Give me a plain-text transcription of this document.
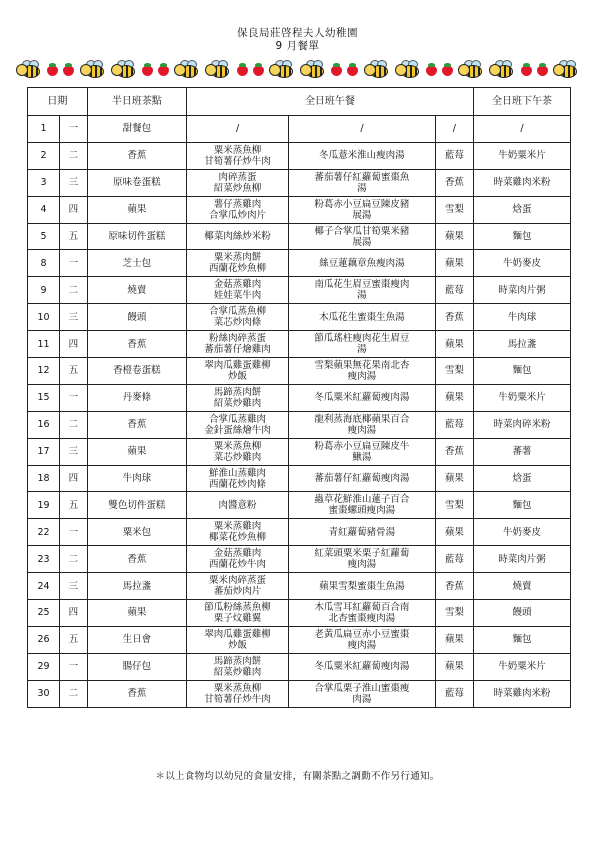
保良局莊啓程夫人幼稚園
9 月餐單
日期		半日班茶點	全日班午餐			全日班下午茶
1	一	甜餐包	/	/	/	/
2	二	香蕉	粟米蒸魚柳
甘筍薯仔炒牛肉	冬瓜薏米淮山瘦肉湯	藍莓	牛奶粟米片
3	三	原味卷蛋糕	肉碎蒸蛋
紹菜炒魚柳	蕃茄薯仔紅蘿蔔蜜棗魚
湯	香蕉	時菜雞肉米粉
4	四	蘋果	薯仔蒸雞肉
合掌瓜炒肉片	粉葛赤小豆扁豆陳皮豬
展湯	雪梨	焓蛋
5	五	原味切件蛋糕	椰菜肉絲炒米粉	椰子合掌瓜甘筍粟米豬
展湯	蘋果	麵包
8	一	芝士包	粟米蒸肉餅
西蘭花炒魚柳	絲豆蓮藕章魚瘦肉湯	蘋果	牛奶麥皮
9	二	燒賣	金菇蒸雞肉
娃娃菜牛肉	南瓜花生眉豆蜜棗瘦肉
湯	藍莓	時菜肉片粥
10	三	饅頭	合掌瓜蒸魚柳
菜芯炒肉條	木瓜花生蜜棗生魚湯	香蕉	牛肉球
11	四	香蕉	粉絲肉碎蒸蛋
蕃茄薯仔燴雞肉	節瓜瑤柱瘦肉花生眉豆
湯	蘋果	馬拉盞
12	五	香橙卷蛋糕	翠肉瓜雞蛋雞柳
炒飯	雪梨蘋果無花果南北杏
瘦肉湯	雪梨	麵包
15	一	丹麥條	馬蹄蒸肉餅
紹菜炒雞肉	冬瓜粟米紅蘿蔔瘦肉湯	蘋果	牛奶粟米片
16	二	香蕉	合掌瓜蒸雞肉
金針蛋絲燴牛肉	龍利蒸海底椰蘋果百合
瘦肉湯	藍莓	時菜肉碎米粉
17	三	蘋果	粟米蒸魚柳
菜芯炒雞肉	粉葛赤小豆扁豆陳皮牛
鰍湯	香蕉	蕃薯
18	四	牛肉球	鮮淮山蒸雞肉
西蘭花炒肉條	蕃茄薯仔紅蘿蔔瘦肉湯	蘋果	焓蛋
19	五	雙色切件蛋糕	肉醬意粉	蟲草花鮮淮山蓮子百合
蜜棗螺頭瘦肉湯	雪梨	麵包
22	一	粟米包	粟米蒸雞肉
椰菜花炒魚柳	青紅蘿蔔豬骨湯	蘋果	牛奶麥皮
23	二	香蕉	金菇蒸雞肉
西蘭花炒牛肉	紅菜頭粟米栗子紅蘿蔔
瘦肉湯	藍莓	時菜肉片粥
24	三	馬拉盞	粟米肉碎蒸蛋
蕃茄炒肉片	蘋果雪梨蜜棗生魚湯	香蕉	燒賣
25	四	蘋果	節瓜粉絲蒸魚柳
栗子炆雞翼	木瓜雪耳紅蘿蔔百合南
北杏蜜棗瘦肉湯	雪梨	饅頭
26	五	生日會	翠肉瓜雞蛋雞柳
炒飯	老黃瓜扁豆赤小豆蜜棗
瘦肉湯	蘋果	麵包
29	一	腸仔包	馬蹄蒸肉餅
紹菜炒雞肉	冬瓜粟米紅蘿蔔瘦肉湯	蘋果	牛奶粟米片
30	二	香蕉	粟米蒸魚柳
甘筍薯仔炒牛肉	合掌瓜栗子淮山蜜棗瘦
肉湯	藍莓	時菜雞肉米粉
＊以上食物均以幼兒的食量安排，有關茶點之調動不作另行通知。
